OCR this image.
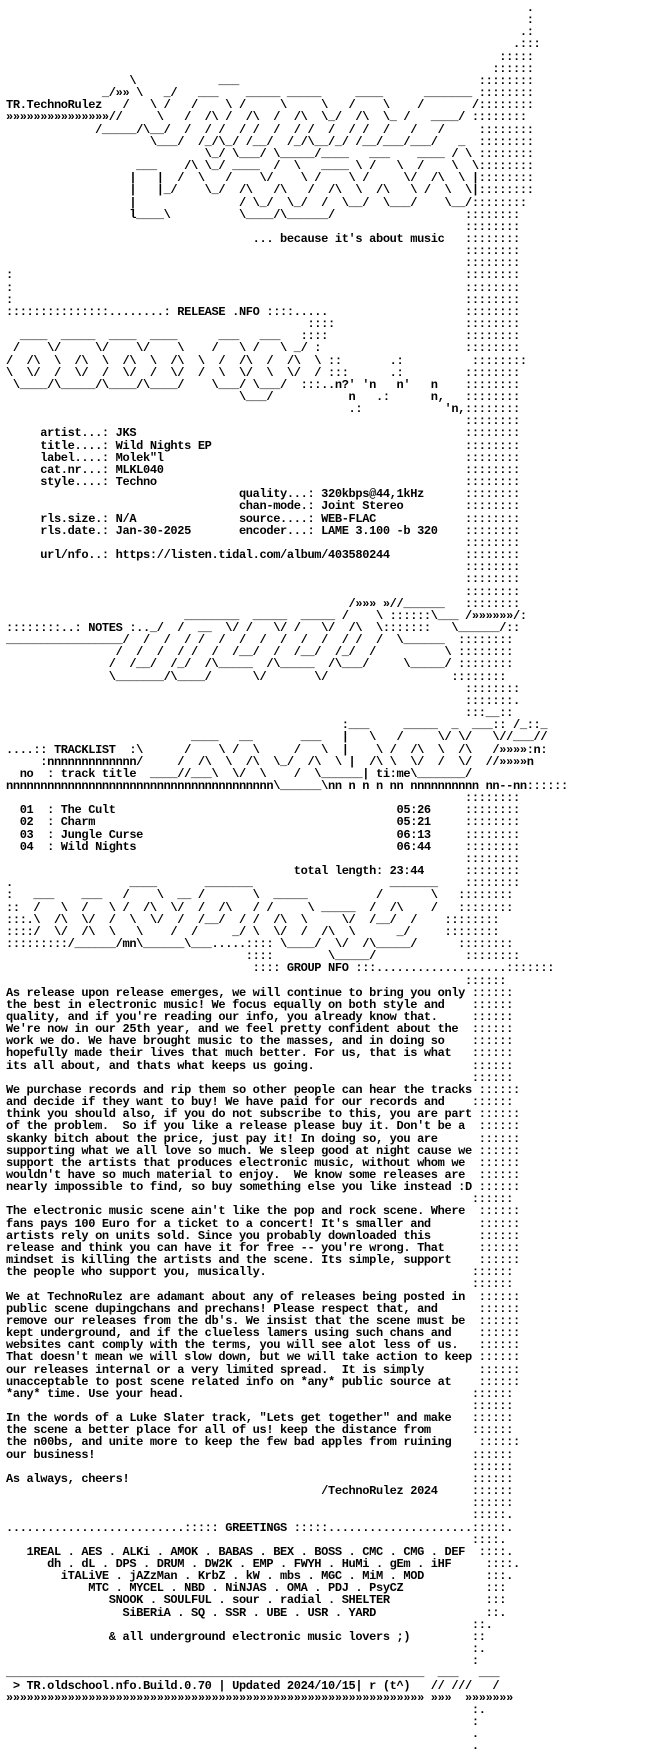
.
:
.:
.:::
:::::
::::::
\            ___                                   ::::::::
_/»» \   _/   ___    _____ _____     ____      _______ ::::::::
TR.TechnoRulez   /   \ /   /    \ /     \     \   /    \    /       /::::::::
»»»»»»»»»»»»»»»//     \   /  /\ /  /\  /  /\  \_/  /\  \_ /   ____/ ::::::::
/_____/\__/  /  / /  / /  /  / /  /  / /  /   /   /     ::::::::
\___/  /_/\_/ /__/  /_/\__/_/ /__/___/___/   _  ::::::::
\_/ \___/ \_____/____   ___    ____ / \ ::::::::
___    /\ \_/ ____  /  \   ____ \ /   \  /    \  \::::::::
|   |  /  \   /    \/    \ /    \ /     \/  /\  \ |::::::::
|   |_/    \_/  /\   /\   /  /\  \  /\   \ /  \  \|::::::::
|               / \_/  \_/  /  \__/  \___/    \__/::::::::
l____\          \____/\______/                   ::::::::
::::::::
... because it's about music   ::::::::
::::::::
::::::::
:                                                                  ::::::::
:                                                                  ::::::::
:                                                                  ::::::::
:::::::::::::::........: RELEASE .NFO ::::.....                    ::::::::
::::                   ::::::::
____  _____  ____  ____      ___   ___   ::::                    ::::::::
/    \/     \/    \/    \    /   \ /   \ _/ :                     ::::::::
/  /\  \  /\  \  /\  \  /\  \  /  /\  /  /\  \ ::       .:          ::::::::
\  \/  /  \/  /  \/  /  \/  /  \  \/  \  \/  / :::      .:         ::::::::
\____/\_____/\____/\____/    \___/ \___/  :::..n?' 'n   n'   n    ::::::::
\___/           n   .:      n,   ::::::::
.:            'n,::::::::
::::::::
artist...: JKS                                                ::::::::
title....: Wild Nights EP                                     ::::::::
label....: Molek"l                                            ::::::::
cat.nr...: MLKL040                                            ::::::::
style....: Techno                                             ::::::::
quality...: 320kbps@44,1kHz      ::::::::
chan-mode.: Joint Stereo         ::::::::
rls.size.: N/A               source....: WEB-FLAC             ::::::::
rls.date.: Jan-30-2025       encoder...: LAME 3.100 -b 320    ::::::::
::::::::
url/nfo..: https://listen.tidal.com/album/403580244           ::::::::
::::::::
::::::::
::::::::
/»»» »//______   ::::::::
________  _____  _____ /    \ ::::::\___ /»»»»»»/:
::::::::..: NOTES :.._/  /  __  \/ /   \/ /   \/  /\  \:::::::   \______/::
_________________/  /  /  / /  /  /  /  /  /  /  / /  /  \______  ::::::::
/  /  /  / /  /  /__/  /  /__/  /_/  /          \ ::::::::
/  /__/  /_/  /\_____  /\_____  /\___/     \_____/ ::::::::
\_______/\____/      \/       \/                  ::::::::
::::::::
:::::::.
:::__::
:___     _____  _  ___:: /_::_
____   __       ___   |   \   /     \/ \/   \//___//
....:: TRACKLIST  :\      /    \ /  \     /   \  |    \ /  /\  \  /\   /»»»»:n:
:nnnnnnnnnnnnn/     /  /\  \  /\  \_/  /\  \ |  /\ \  \/  /  \/  //»»»»n
no  : track title  ____//___\  \/  \    /  \______| ti:me\_______/
nnnnnnnnnnnnnnnnnnnnnnnnnnnnnnnnnnnnnnn\______\nn n n n nn nnnnnnnnnn nn--nn::::::
::::::::
01  : The Cult                                         05:26     ::::::::
02  : Charm                                            05:21     ::::::::
03  : Jungle Curse                                     06:13     ::::::::
04  : Wild Nights                                      06:44     ::::::::
::::::::
total length: 23:44      ::::::::
.                 ____       _______                    _______    ::::::::
:   ___    ___   /    \  __ /       \  _____          /       \   ::::::::
::  /   \  /   \ /  /\  \/  /  /\   / /     \ _____  /  /\    /   ::::::::
:::.\  /\  \/  /  \  \/  /  /__/  / /  /\  \     \/  /__/  /    ::::::::
::::/  \/  /\  \   \    /  /     _/ \  \/  /  /\  \      _/     ::::::::
:::::::::/______/mn\______\___.....:::: \____/  \/  /\_____/      ::::::::
::::        \_____/             ::::::::
:::: GROUP NFO :::...................:::::::
::::::
As release upon release emerges, we will continue to bring you only ::::::
the best in electronic music! We focus equally on both style and    ::::::
quality, and if you're reading our info, you already know that.     ::::::
We're now in our 25th year, and we feel pretty confident about the  ::::::
work we do. We have brought music to the masses, and in doing so    ::::::
hopefully made their lives that much better. For us, that is what   ::::::
its all about, and thats what keeps us going.                       ::::::
::::::
We purchase records and rip them so other people can hear the tracks ::::::
and decide if they want to buy! We have paid for our records and    ::::::
think you should also, if you do not subscribe to this, you are part ::::::
of the problem.  So if you like a release please buy it. Don't be a  ::::::
skanky bitch about the price, just pay it! In doing so, you are      ::::::
supporting what we all love so much. We sleep good at night cause we ::::::
support the artists that produces electronic music, without whom we  ::::::
wouldn't have so much material to enjoy.  We know some releases are  ::::::
nearly impossible to find, so buy something else you like instead :D ::::::
::::::
The electronic music scene ain't like the pop and rock scene. Where  ::::::
fans pays 100 Euro for a ticket to a concert! It's smaller and       ::::::
artists rely on units sold. Since you probably downloaded this       ::::::
release and think you can have it for free -- you're wrong. That     ::::::
mindset is killing the artists and the scene. Its simple, support    ::::::
the people who support you, musically.                              ::::::
::::::
We at TechnoRulez are adamant about any of releases being posted in  ::::::
public scene dupingchans and prechans! Please respect that, and      ::::::
remove our releases from the db's. We insist that the scene must be  ::::::
kept underground, and if the clueless lamers using such chans and    ::::::
websites cant comply with the terms, you will see alot less of us.   ::::::
That doesn't mean we will slow down, but we will take action to keep ::::::
our releases internal or a very limited spread.  It is simply        ::::::
unacceptable to post scene related info on *any* public source at    ::::::
*any* time. Use your head.                                          ::::::
::::::
In the words of a Luke Slater track, "Lets get together" and make   ::::::
the scene a better place for all of us! keep the distance from      ::::::
the n00bs, and unite more to keep the few bad apples from ruining    ::::::
our business!                                                       ::::::
::::::
As always, cheers!                                                  ::::::
/TechnoRulez 2024     ::::::
::::::
:::::.
..........................::::: GREETINGS :::::.....................:::::.
::::.
1REAL . AES . ALKi . AMOK . BABAS . BEX . BOSS . CMC . CMG . DEF  ::::.
dh . dL . DPS . DRUM . DW2K . EMP . FWYH . HuMi . gEm . iHF     ::::.
iTALiVE . jAZzMan . KrbZ . kW . mbs . MGC . MiM . MOD         :::.
MTC . MYCEL . NBD . NiNJAS . OMA . PDJ . PsyCZ            :::
SNOOK . SOULFUL . sour . radial . SHELTER              :::
SiBERiA . SQ . SSR . UBE . USR . YARD                ::.
::.
& all underground electronic music lovers ;)         ::
:.
:
_____________________________________________________________  ___   ___
> TR.oldschool.nfo.Build.0.70 | Updated 2024/10/15| r (t^)   // ///   /
»»»»»»»»»»»»»»»»»»»»»»»»»»»»»»»»»»»»»»»»»»»»»»»»»»»»»»»»»»»»» »»»  »»»»»»»
:.
:
.
.
